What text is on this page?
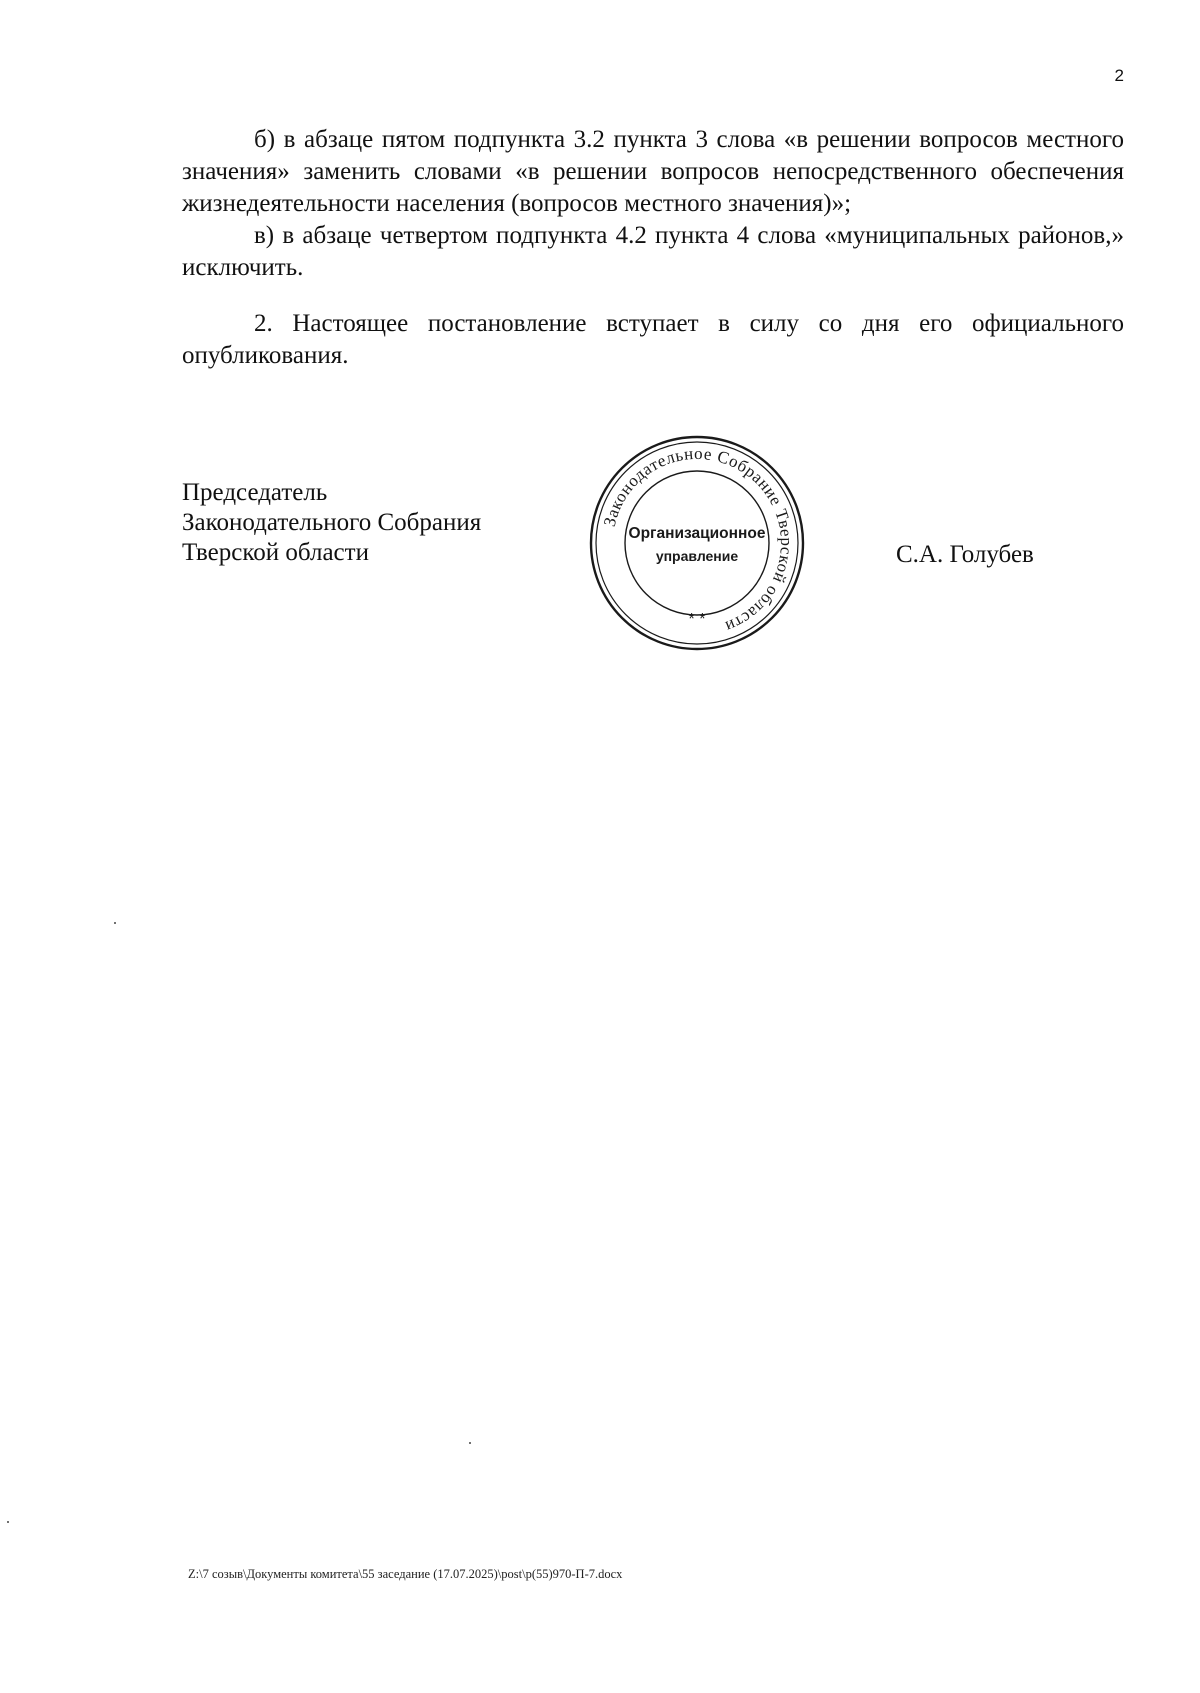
2

б) в абзаце пятом подпункта 3.2 пункта 3 слова «в решении вопросов местного значения» заменить словами «в решении вопросов непосредственного обеспечения жизнедеятельности населения (вопросов местного значения)»;

в) в абзаце четвертом подпункта 4.2 пункта 4 слова «муниципальных районов,» исключить.

2. Настоящее постановление вступает в силу со дня его официального опубликования.

Председатель
Законодательного Собрания
Тверской области
Законодательное Собрание Тверской области
* *
Организационное
управление	С.А. Голубев
Z:\7 созыв\Документы комитета\55 заседание (17.07.2025)\post\p(55)970-П-7.docx
